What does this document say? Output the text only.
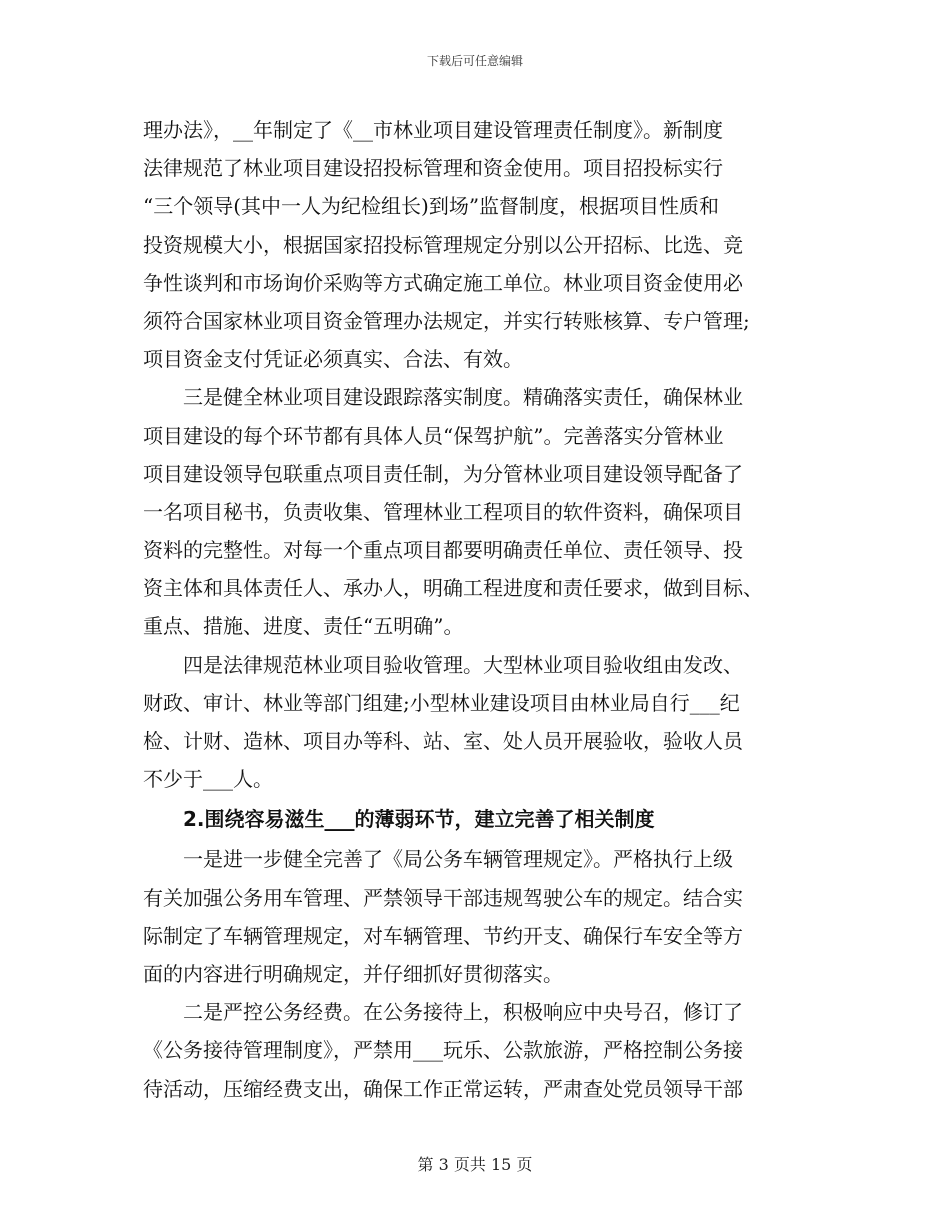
下载后可任意编辑
理办法》，__年制定了《__市林业项目建设管理责任制度》。新制度
法律规范了林业项目建设招投标管理和资金使用。项目招投标实行
“三个领导(其中一人为纪检组长)到场”监督制度，根据项目性质和
投资规模大小，根据国家招投标管理规定分别以公开招标、比选、竞
争性谈判和市场询价采购等方式确定施工单位。林业项目资金使用必
须符合国家林业项目资金管理办法规定，并实行转账核算、专户管理;
项目资金支付凭证必须真实、合法、有效。
　　三是健全林业项目建设跟踪落实制度。精确落实责任，确保林业
项目建设的每个环节都有具体人员“保驾护航”。完善落实分管林业
项目建设领导包联重点项目责任制，为分管林业项目建设领导配备了
一名项目秘书，负责收集、管理林业工程项目的软件资料，确保项目
资料的完整性。对每一个重点项目都要明确责任单位、责任领导、投
资主体和具体责任人、承办人，明确工程进度和责任要求，做到目标、
重点、措施、进度、责任“五明确”。
　　四是法律规范林业项目验收管理。大型林业项目验收组由发改、
财政、审计、林业等部门组建;小型林业建设项目由林业局自行___纪
检、计财、造林、项目办等科、站、室、处人员开展验收，验收人员
不少于___人。
　　2.围绕容易滋生___的薄弱环节，建立完善了相关制度
　　一是进一步健全完善了《局公务车辆管理规定》。严格执行上级
有关加强公务用车管理、严禁领导干部违规驾驶公车的规定。结合实
际制定了车辆管理规定，对车辆管理、节约开支、确保行车安全等方
面的内容进行明确规定，并仔细抓好贯彻落实。
　　二是严控公务经费。在公务接待上，积极响应中央号召，修订了
《公务接待管理制度》，严禁用___玩乐、公款旅游，严格控制公务接
待活动，压缩经费支出，确保工作正常运转，严肃查处党员领导干部
第 3 页共 15 页
